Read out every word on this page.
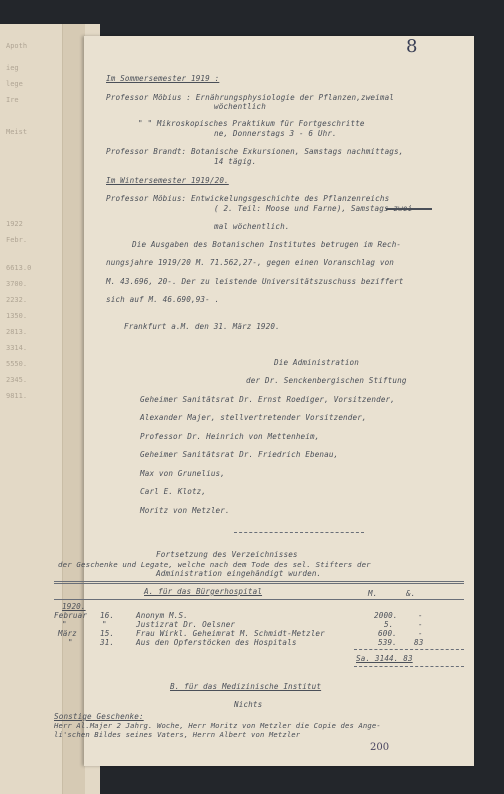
Apoth
ieg
lege
Ire
Meist
1922
Febr.
6613.0
3700.
2232.
1350.
2813.
3314.
5550.
2345.
9811.
8
Im Sommersemester 1919 :
Professor Möbius : Ernährungsphysiologie der Pflanzen,zweimal
wöchentlich
" " Mikroskopisches Praktikum für Fortgeschritte
ne, Donnerstags 3 - 6 Uhr.
Professor Brandt: Botanische Exkursionen, Samstags nachmittags,
14 tägig.
Im Wintersemester 1919/20.
Professor Möbius: Entwickelungsgeschichte des Pflanzenreichs
( 2. Teil: Moose und Farne), Samstags zwei-
mal wöchentlich.
Die Ausgaben des Botanischen Institutes betrugen im Rech-
nungsjahre 1919/20 M. 71.562,27-, gegen einen Voranschlag von
M. 43.696, 20-. Der zu leistende Universitätszuschuss beziffert
sich auf M. 46.690,93- .
Frankfurt a.M. den 31. März 1920.
Die Administration
der Dr. Senckenbergischen Stiftung
Geheimer Sanitätsrat Dr. Ernst Roediger, Vorsitzender,
Alexander Majer, stellvertretender Vorsitzender,
Professor Dr. Heinrich von Mettenheim,
Geheimer Sanitätsrat Dr. Friedrich Ebenau,
Max von Grunelius,
Carl E. Klotz,
Moritz von Metzler.
Fortsetzung des Verzeichnisses
der Geschenke und Legate, welche nach dem Tode des sel. Stifters der
Administration eingehändigt wurden.
A. für das Bürgerhospital	M.	&.
1920.
Februar 16.	Anonym M.S.	2000.	-
"	"	Justizrat Dr. Oelsner	5.	-
März	15.	Frau Wirkl. Geheimrat M. Schmidt-Metzler	600.	-
"	31.	Aus den Opferstöcken des Hospitals	539. 83
Sa. 3144. 83
B. für das Medizinische Institut
Nichts
Sonstige Geschenke:
Herr Al.Majer 2 Jahrg. Woche, Herr Moritz von Metzler die Copie des Ange-
li'schen Bildes seines Vaters, Herrn Albert von Metzler
200
